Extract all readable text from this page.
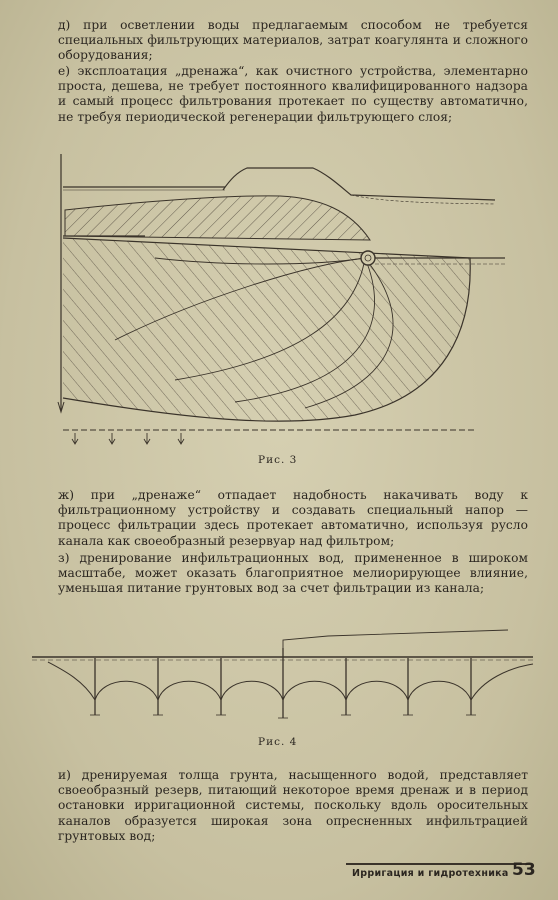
д) при осветлении воды предлагаемым способом не требуется специальных фильтрующих материалов, затрат коагулянта и сложного оборудования;
е) эксплоатация „дренажа“, как очистного устройства, элементарно проста, дешева, не требует постоянного квалифицированного надзора и самый процесс фильтрования протекает по существу автоматично, не требуя периодической регенерации фильтрующего слоя;
Рис. 3
ж) при „дренаже“ отпадает надобность накачивать воду к фильтрационному устройству и создавать специальный напор — процесс фильтрации здесь протекает автоматично, используя русло канала как своеобразный резервуар над фильтром;
з) дренирование инфильтрационных вод, примененное в широком масштабе, может оказать благоприятное мелиорирующее влияние, уменьшая питание грунтовых вод за счет фильтрации из канала;
Рис. 4
и) дренируемая толща грунта, насыщенного водой, представляет своеобразный резерв, питающий некоторое время дренаж и в период остановки ирригационной системы, поскольку вдоль оросительных каналов образуется широкая зона опресненных инфильтрацией грунтовых вод;
Ирригация и гидротехника 53
